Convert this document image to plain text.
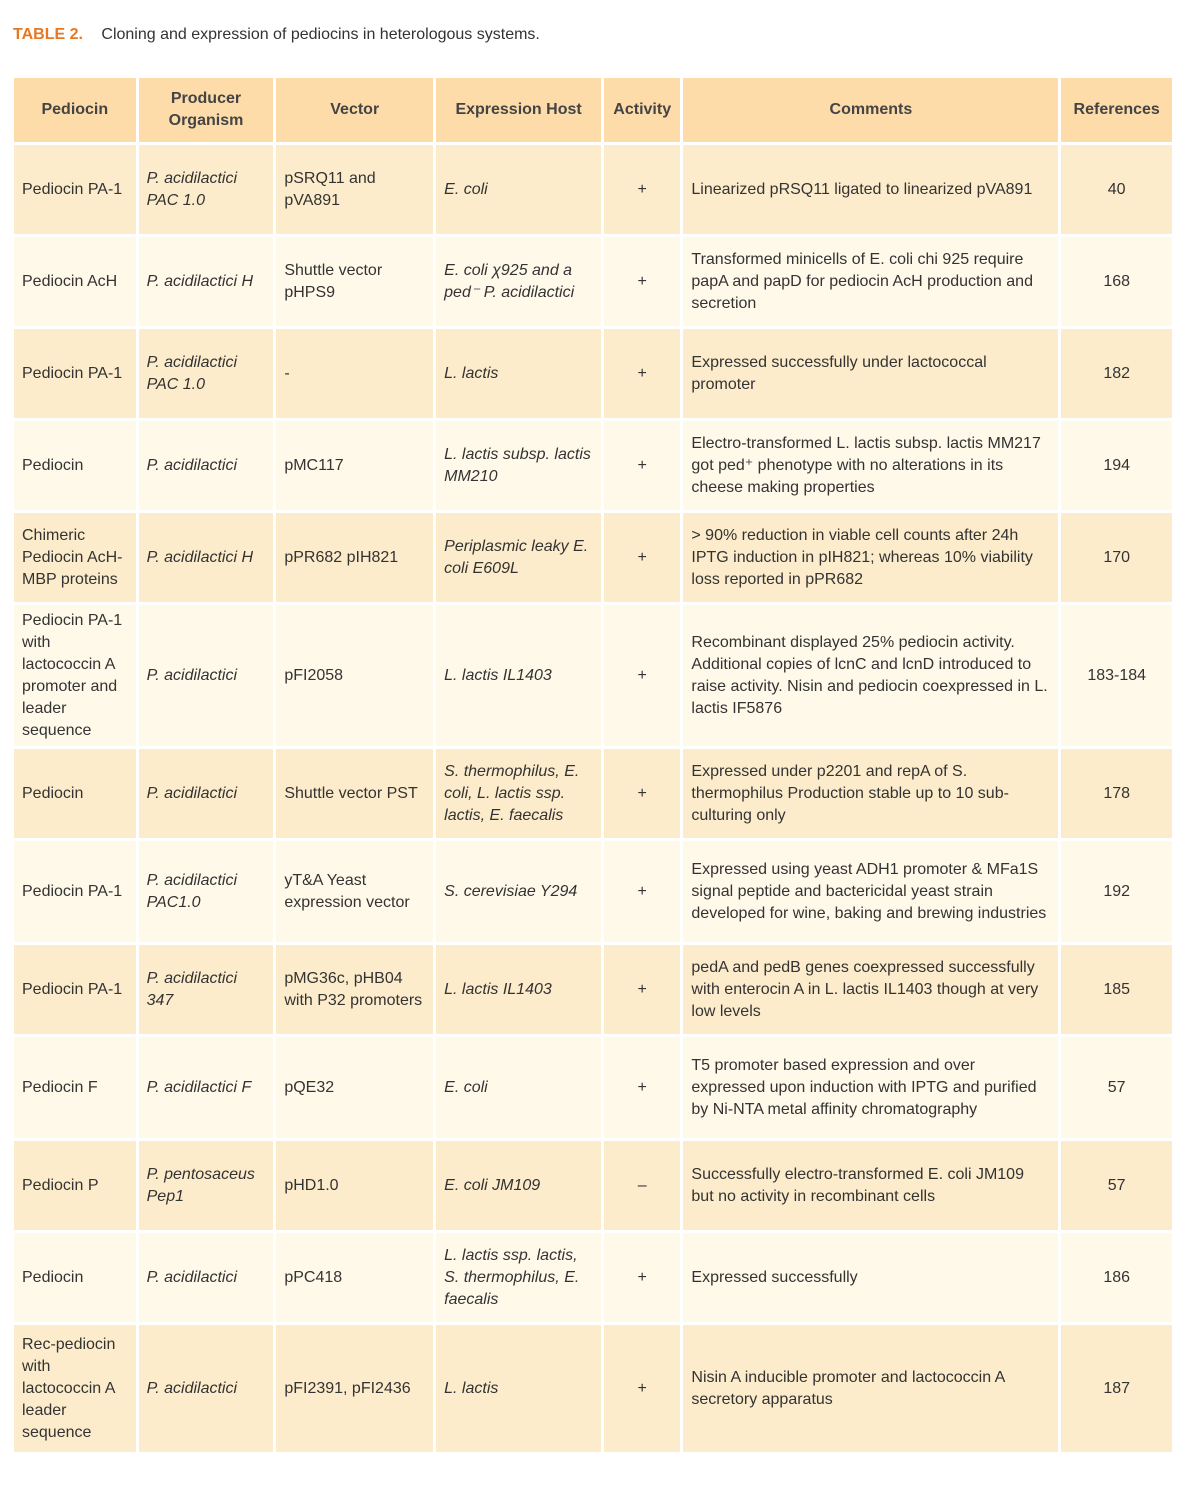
TABLE 2. Cloning and expression of pediocins in heterologous systems.
Pediocin	Producer Organism	Vector	Expression Host	Activity	Comments	References
Pediocin PA-1	P. acidilactici PAC 1.0	pSRQ11 and pVA891	E. coli	+	Linearized pRSQ11 ligated to linearized pVA891	40
Pediocin AcH	P. acidilactici H	Shuttle vector pHPS9	E. coli χ925 and a ped⁻ P. acidilactici	+	Transformed minicells of E. coli chi 925 require papA and papD for pediocin AcH production and secretion	168
Pediocin PA-1	P. acidilactici PAC 1.0	-	L. lactis	+	Expressed successfully under lactococcal promoter	182
Pediocin	P. acidilactici	pMC117	L. lactis subsp. lactis MM210	+	Electro-transformed L. lactis subsp. lactis MM217 got ped⁺ phenotype with no alterations in its cheese making properties	194
Chimeric Pediocin AcH-MBP proteins	P. acidilactici H	pPR682 pIH821	Periplasmic leaky E. coli E609L	+	> 90% reduction in viable cell counts after 24h IPTG induction in pIH821; whereas 10% viability loss reported in pPR682	170
Pediocin PA-1 with lactococcin A promoter and leader sequence	P. acidilactici	pFI2058	L. lactis IL1403	+	Recombinant displayed 25% pediocin activity. Additional copies of lcnC and lcnD introduced to raise activity. Nisin and pediocin coexpressed in L. lactis IF5876	183-184
Pediocin	P. acidilactici	Shuttle vector PST	S. thermophilus, E. coli, L. lactis ssp. lactis, E. faecalis	+	Expressed under p2201 and repA of S. thermophilus Production stable up to 10 sub-culturing only	178
Pediocin PA-1	P. acidilactici PAC1.0	yT&A Yeast expression vector	S. cerevisiae Y294	+	Expressed using yeast ADH1 promoter & MFa1S signal peptide and bactericidal yeast strain developed for wine, baking and brewing industries	192
Pediocin PA-1	P. acidilactici 347	pMG36c, pHB04 with P32 promoters	L. lactis IL1403	+	pedA and pedB genes coexpressed successfully with enterocin A in L. lactis IL1403 though at very low levels	185
Pediocin F	P. acidilactici F	pQE32	E. coli	+	T5 promoter based expression and over expressed upon induction with IPTG and purified by Ni-NTA metal affinity chromatography	57
Pediocin P	P. pentosaceus Pep1	pHD1.0	E. coli JM109	–	Successfully electro-transformed E. coli JM109 but no activity in recombinant cells	57
Pediocin	P. acidilactici	pPC418	L. lactis ssp. lactis, S. thermophilus, E. faecalis	+	Expressed successfully	186
Rec-pediocin with lactococcin A leader sequence	P. acidilactici	pFI2391, pFI2436	L. lactis	+	Nisin A inducible promoter and lactococcin A secretory apparatus	187
